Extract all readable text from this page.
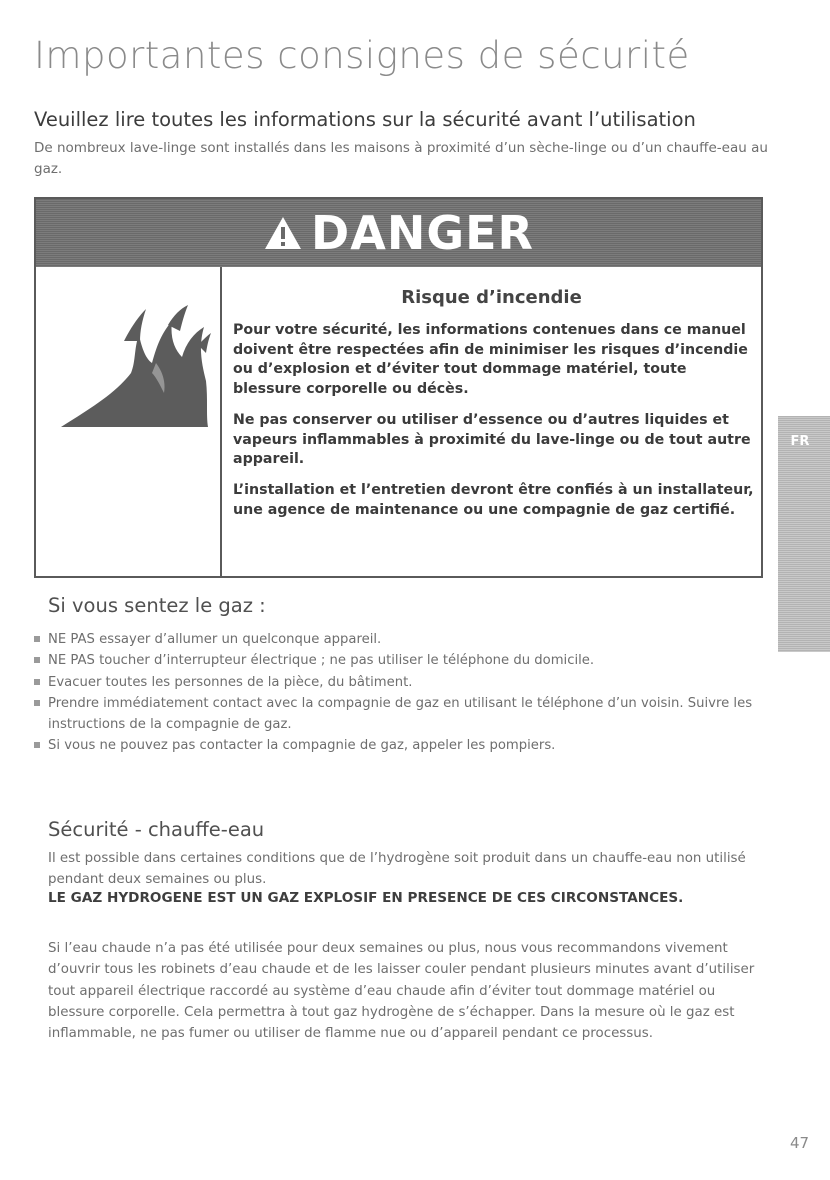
Importantes consignes de sécurité
Veuillez lire toutes les informations sur la sécurité avant l’utilisation
De nombreux lave-linge sont installés dans les maisons à proximité d’un sèche-linge ou d’un chauffe-eau au gaz.
DANGER
Risque d’incendie
Pour votre sécurité, les informations contenues dans ce manuel doivent être respectées afin de minimiser les risques d’incendie ou d’explosion et d’éviter tout dommage matériel, toute blessure corporelle ou décès.
Ne pas conserver ou utiliser d’essence ou d’autres liquides et vapeurs inflammables à proximité du lave-linge ou de tout autre appareil.
L’installation et l’entretien devront être confiés à un installateur, une agence de maintenance ou une compagnie de gaz certifié.
FR
Si vous sentez le gaz :
NE PAS essayer d’allumer un quelconque appareil.
NE PAS toucher d’interrupteur électrique ; ne pas utiliser le téléphone du domicile.
Evacuer toutes les personnes de la pièce, du bâtiment.
Prendre immédiatement contact avec la compagnie de gaz en utilisant le téléphone d’un voisin. Suivre les instructions de la compagnie de gaz.
Si vous ne pouvez pas contacter la compagnie de gaz, appeler les pompiers.
Sécurité - chauffe-eau
Il est possible dans certaines conditions que de l’hydrogène soit produit dans un chauffe-eau non utilisé pendant deux semaines ou plus.
LE GAZ HYDROGENE EST UN GAZ EXPLOSIF EN PRESENCE DE CES CIRCONSTANCES.
Si l’eau chaude n’a pas été utilisée pour deux semaines ou plus, nous vous recommandons vivement d’ouvrir tous les robinets d’eau chaude et de les laisser couler pendant plusieurs minutes avant d’utiliser tout appareil électrique raccordé au système d’eau chaude afin d’éviter tout dommage matériel ou blessure corporelle. Cela permettra à tout gaz hydrogène de s’échapper. Dans la mesure où le gaz est inflammable, ne pas fumer ou utiliser de flamme nue ou d’appareil pendant ce processus.
47
